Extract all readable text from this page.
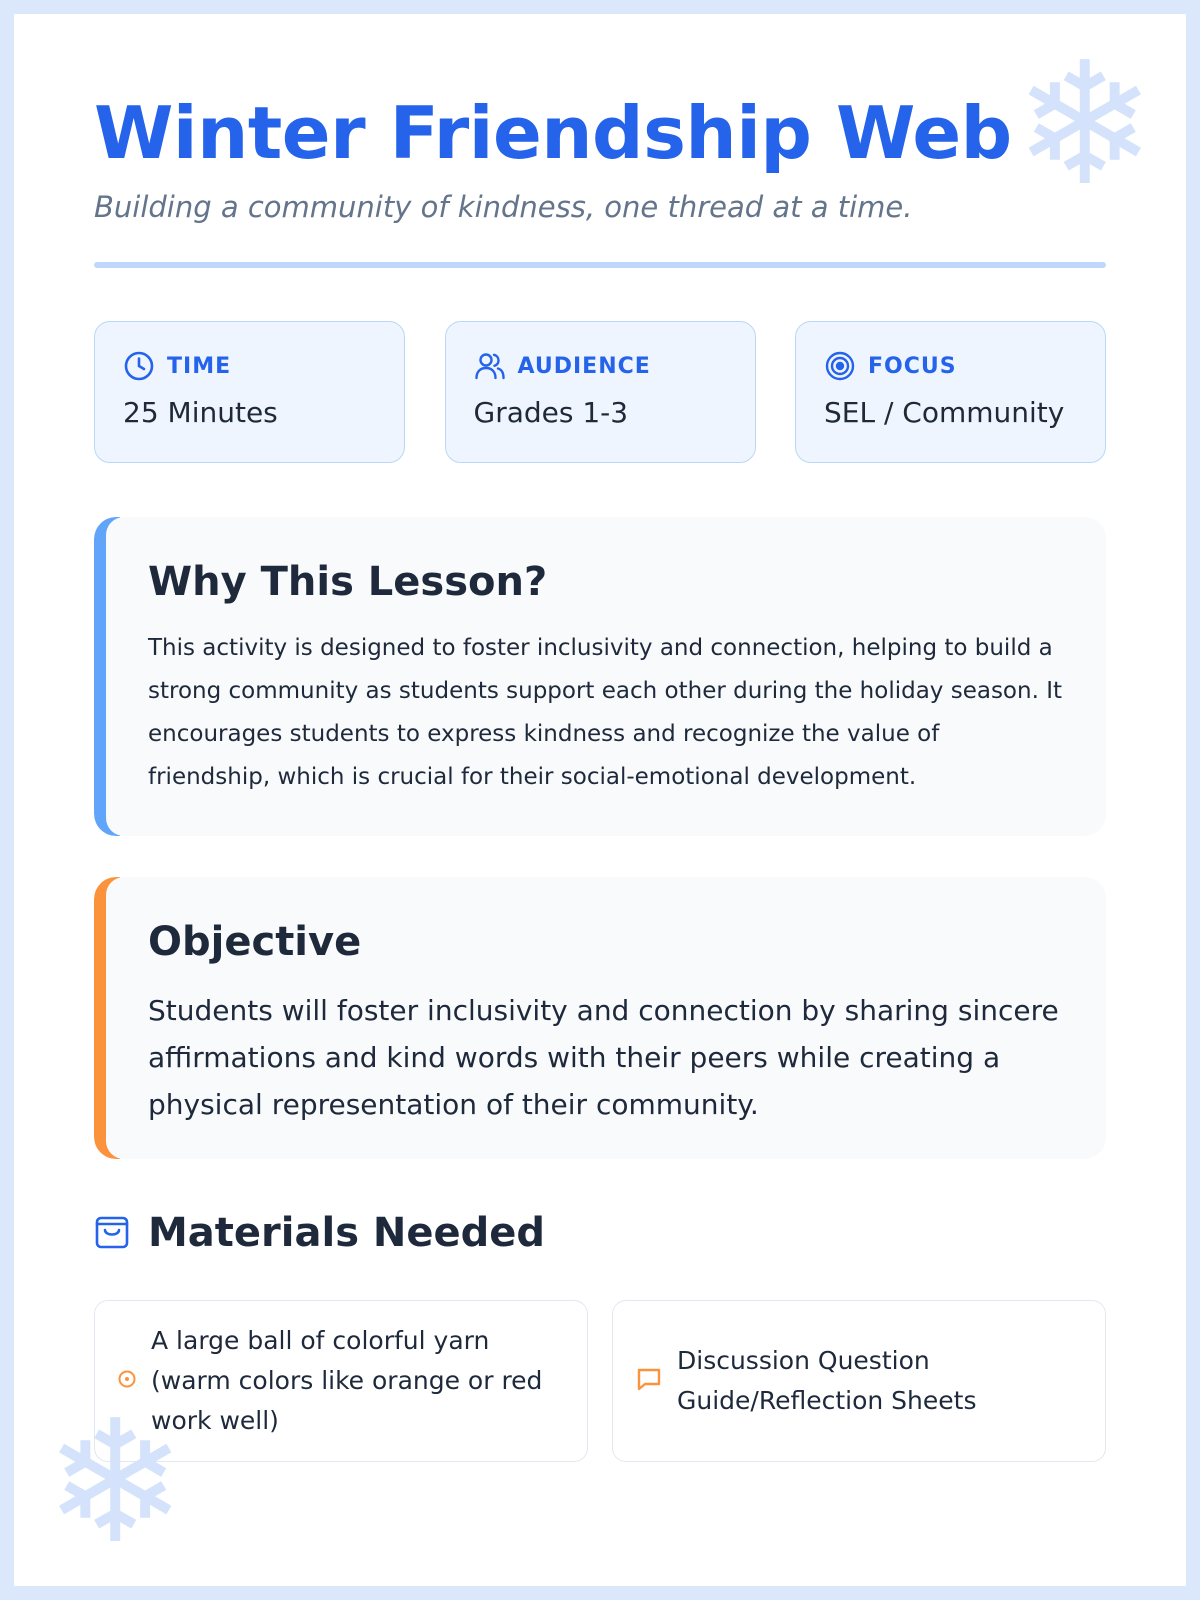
❄
❄
Winter Friendship Web
Building a community of kindness, one thread at a time.
TIME
25 Minutes
AUDIENCE
Grades 1-3
FOCUS
SEL / Community
Why This Lesson?

This activity is designed to foster inclusivity and connection, helping to build a strong community as students support each other during the holiday season. It encourages students to express kindness and recognize the value of friendship, which is crucial for their social-emotional development.

Objective

Students will foster inclusivity and connection by sharing sincere affirmations and kind words with their peers while creating a physical representation of their community.

Materials Needed
A large ball of colorful yarn (warm colors like orange or red work well)
Discussion Question Guide/Reflection Sheets
